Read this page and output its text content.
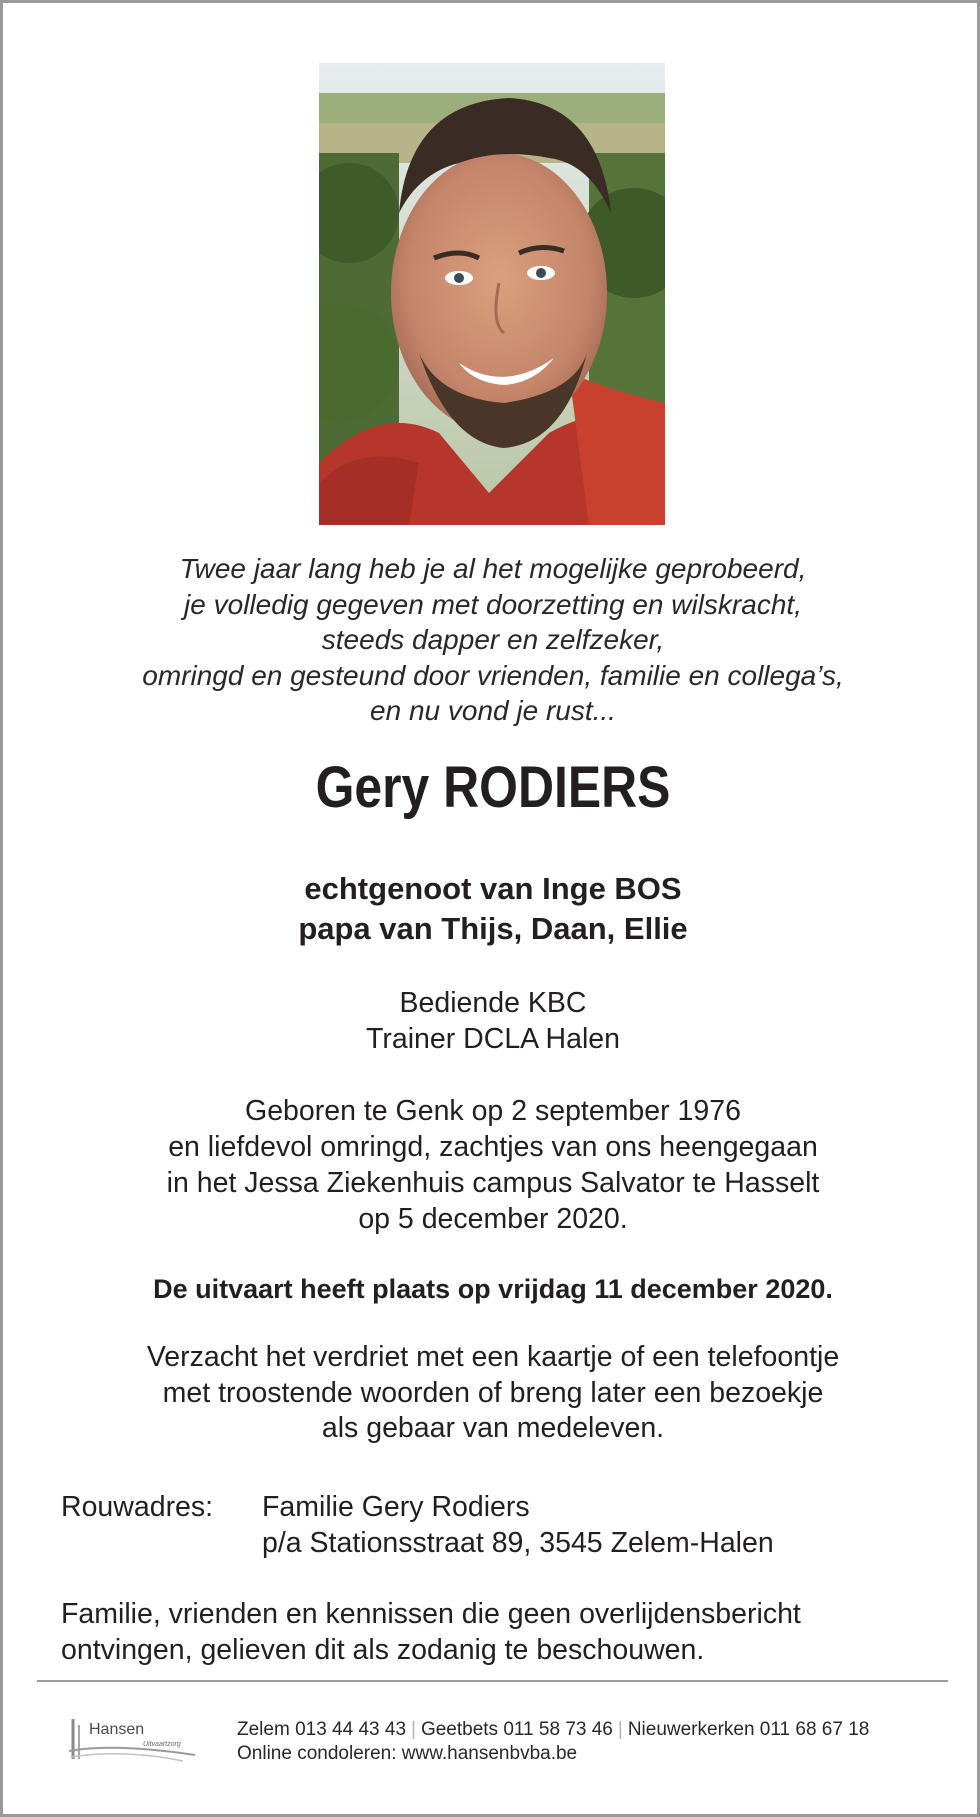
Twee jaar lang heb je al het mogelijke geprobeerd,
je volledig gegeven met doorzetting en wilskracht,
steeds dapper en zelfzeker,
omringd en gesteund door vrienden, familie en collega’s,
en nu vond je rust...
Gery RODIERS
echtgenoot van Inge BOS
papa van Thijs, Daan, Ellie
Bediende KBC
Trainer DCLA Halen
Geboren te Genk op 2 september 1976
en liefdevol omringd, zachtjes van ons heengegaan
in het Jessa Ziekenhuis campus Salvator te Hasselt
op 5 december 2020.
De uitvaart heeft plaats op vrijdag 11 december 2020.
Verzacht het verdriet met een kaartje of een telefoontje
met troostende woorden of breng later een bezoekje
als gebaar van medeleven.
Rouwadres: Familie Gery Rodiers
p/a Stationsstraat 89, 3545 Zelem-Halen
Familie, vrienden en kennissen die geen overlijdensbericht
ontvingen, gelieven dit als zodanig te beschouwen.
Hansen
Uitvaartzorg
Zelem 013 44 43 43 | Geetbets 011 58 73 46 | Nieuwerkerken 011 68 67 18
Online condoleren: www.hansenbvba.be
